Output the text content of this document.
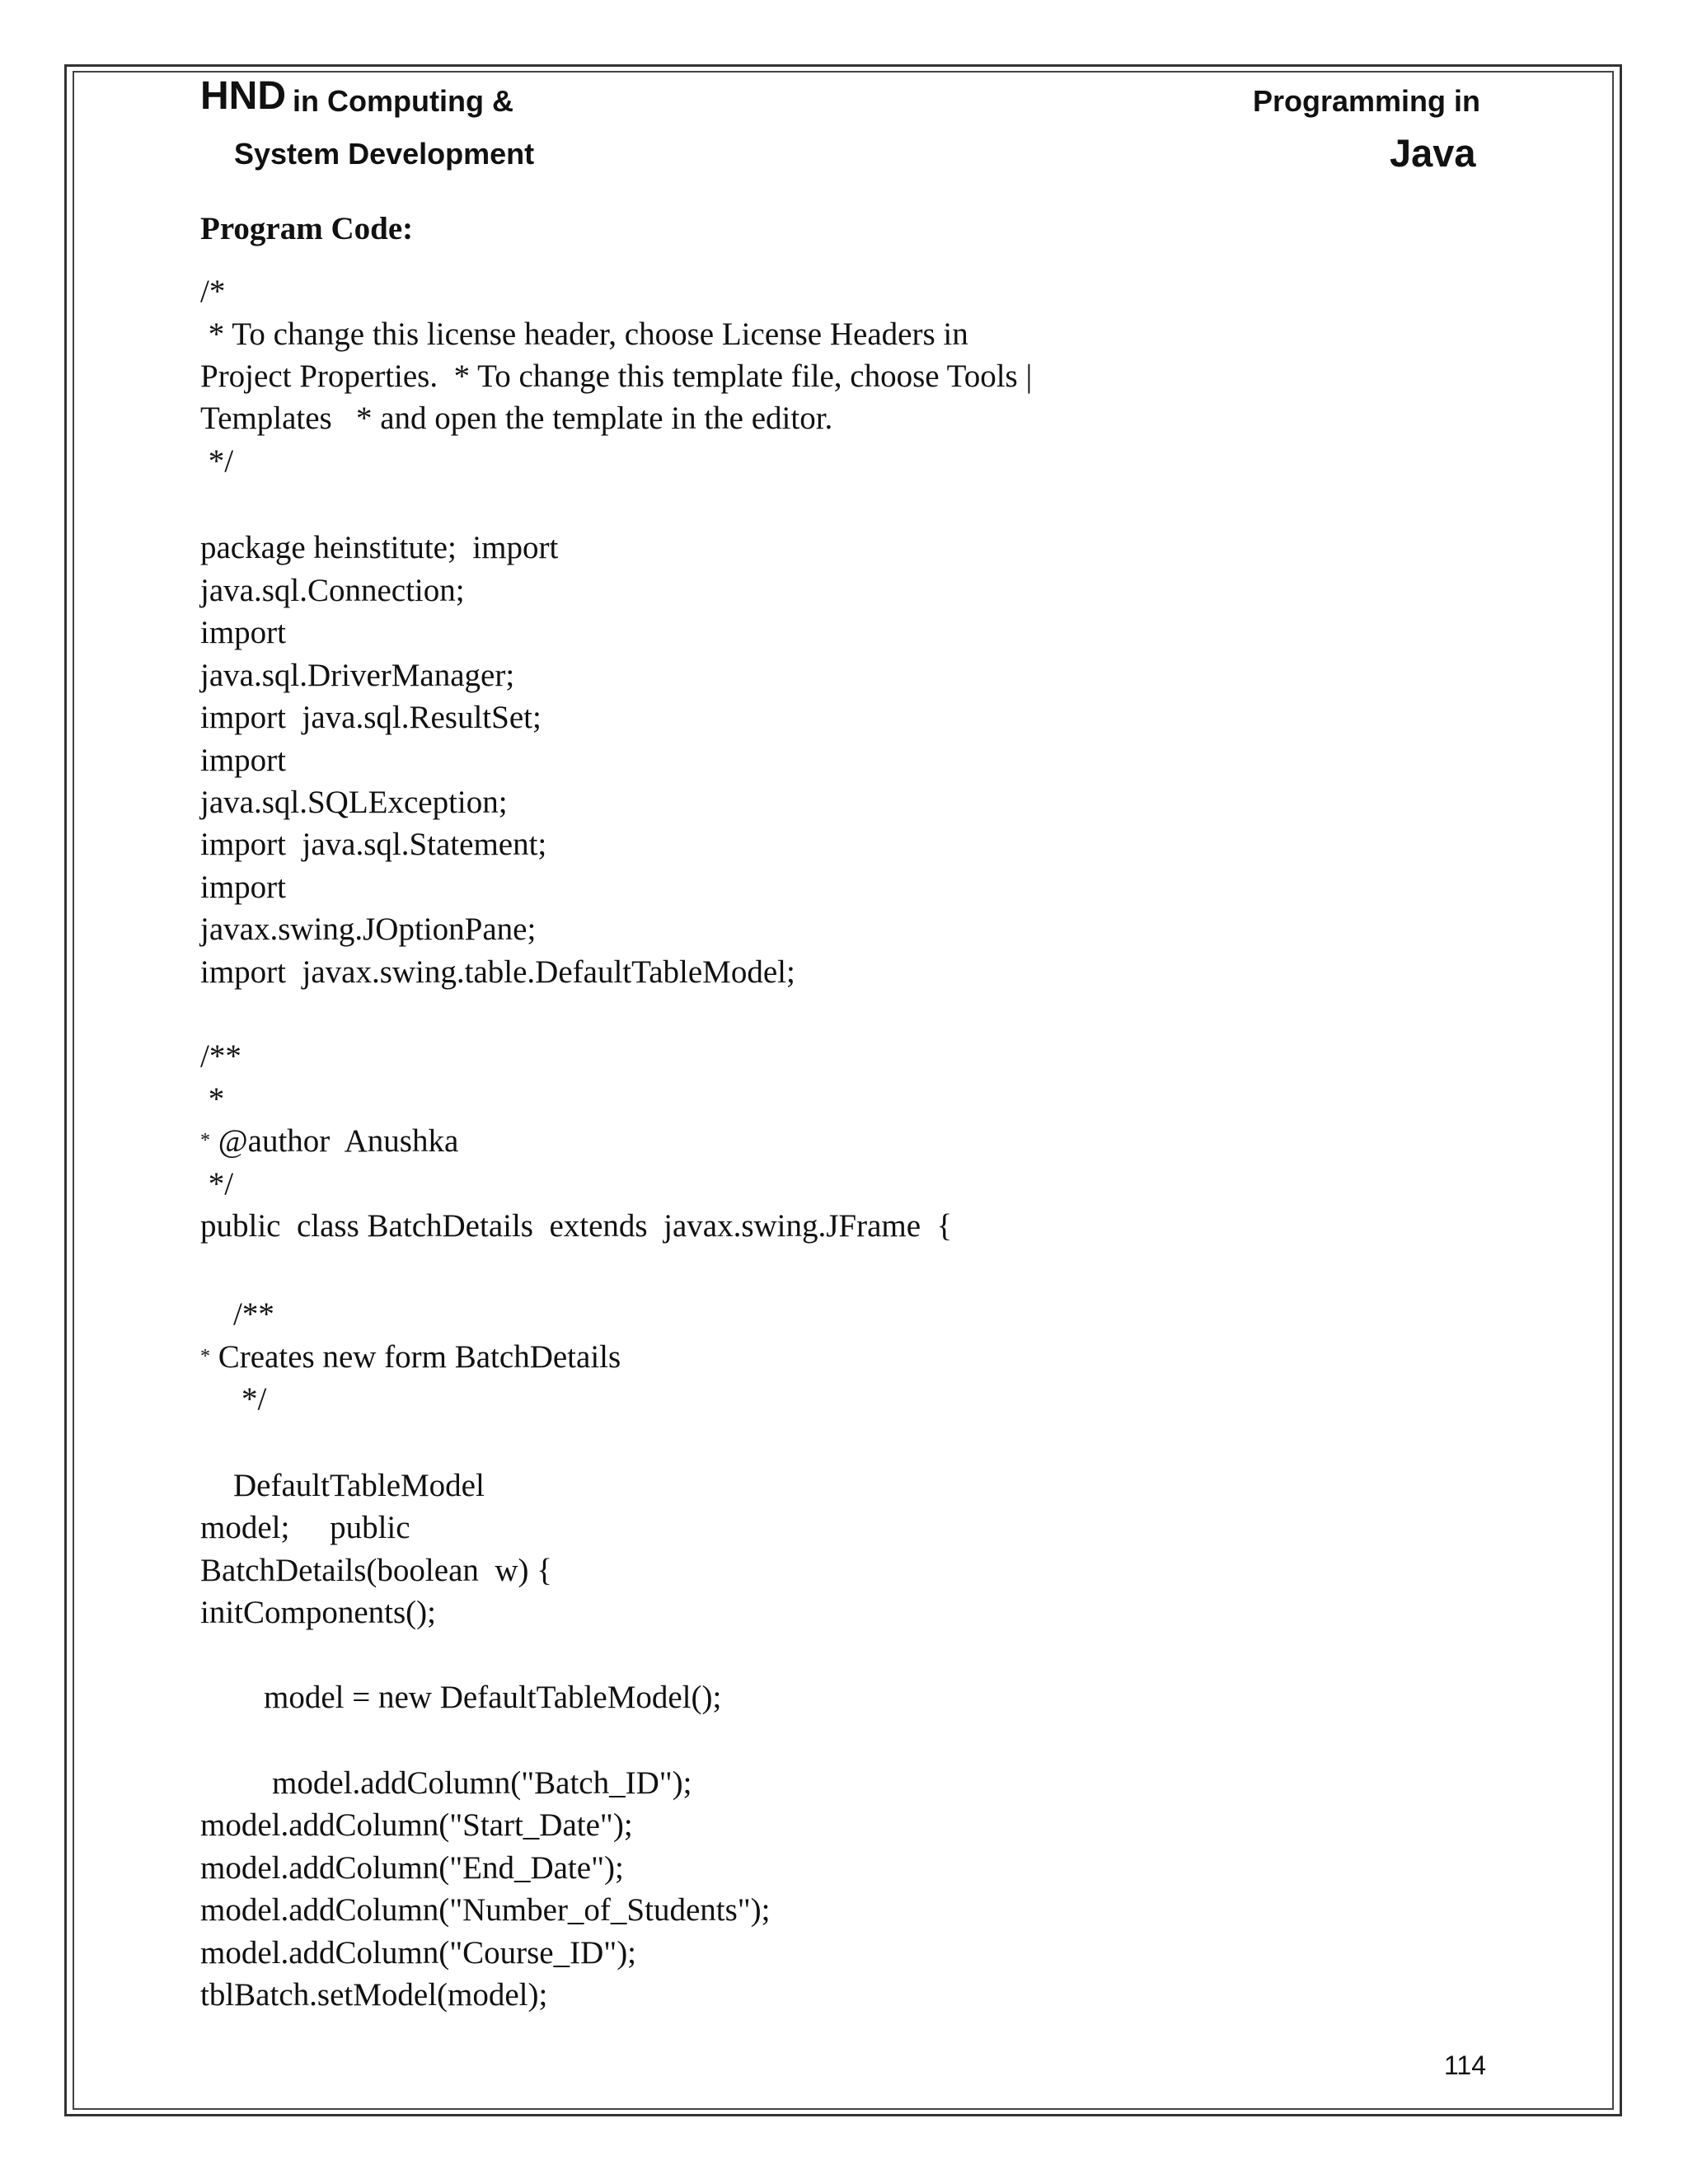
HND in Computing &
System Development
Programming in
Java
Program Code:
/*
* To change this license header, choose License Headers in
Project Properties.  * To change this template file, choose Tools |
Templates   * and open the template in the editor.
*/
package heinstitute;  import
java.sql.Connection;
import
java.sql.DriverManager;
import  java.sql.ResultSet;
import
java.sql.SQLException;
import  java.sql.Statement;
import
javax.swing.JOptionPane;
import  javax.swing.table.DefaultTableModel;
/**
*
* @author  Anushka
*/
public  class BatchDetails  extends  javax.swing.JFrame  {
/**
* Creates new form BatchDetails
*/
DefaultTableModel
model;     public
BatchDetails(boolean  w) {
initComponents();
model = new DefaultTableModel();
model.addColumn("Batch_ID");
model.addColumn("Start_Date");
model.addColumn("End_Date");
model.addColumn("Number_of_Students");
model.addColumn("Course_ID");
tblBatch.setModel(model);
114
